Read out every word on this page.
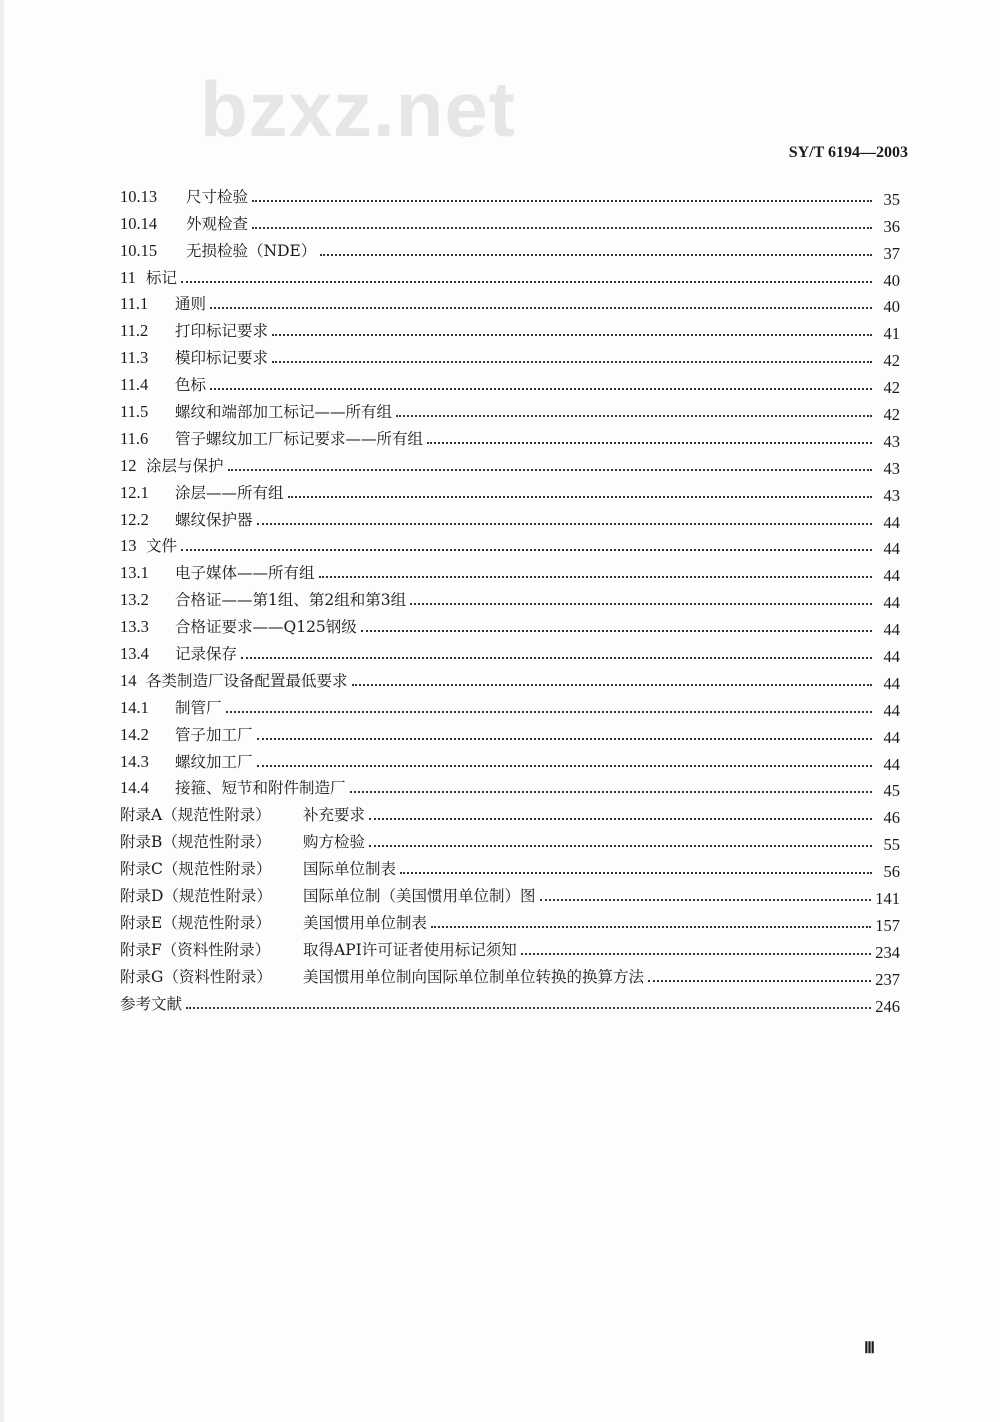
bzxz.net	SY/T 6194—2003
10.13	尺寸检验	35
10.14	外观检查	36
10.15	无损检验（NDE）	37
11 标记	40
11.1	通则	40
11.2	打印标记要求	41
11.3	模印标记要求	42
11.4	色标	42
11.5	螺纹和端部加工标记——所有组	42
11.6	管子螺纹加工厂标记要求——所有组	43
12 涂层与保护	43
12.1	涂层——所有组	43
12.2	螺纹保护器	44
13 文件	44
13.1	电子媒体——所有组	44
13.2	合格证——第1组、第2组和第3组	44
13.3	合格证要求——Q125钢级	44
13.4	记录保存	44
14 各类制造厂设备配置最低要求	44
14.1	制管厂	44
14.2	管子加工厂	44
14.3	螺纹加工厂	44
14.4	接箍、短节和附件制造厂	45
附录A（规范性附录）	补充要求	46
附录B（规范性附录）	购方检验	55
附录C（规范性附录）	国际单位制表	56
附录D（规范性附录）	国际单位制（美国惯用单位制）图	141
附录E（规范性附录）	美国惯用单位制表	157
附录F（资料性附录）	取得API许可证者使用标记须知	234
附录G（资料性附录）	美国惯用单位制向国际单位制单位转换的换算方法	237
参考文献	246
Ⅲ
